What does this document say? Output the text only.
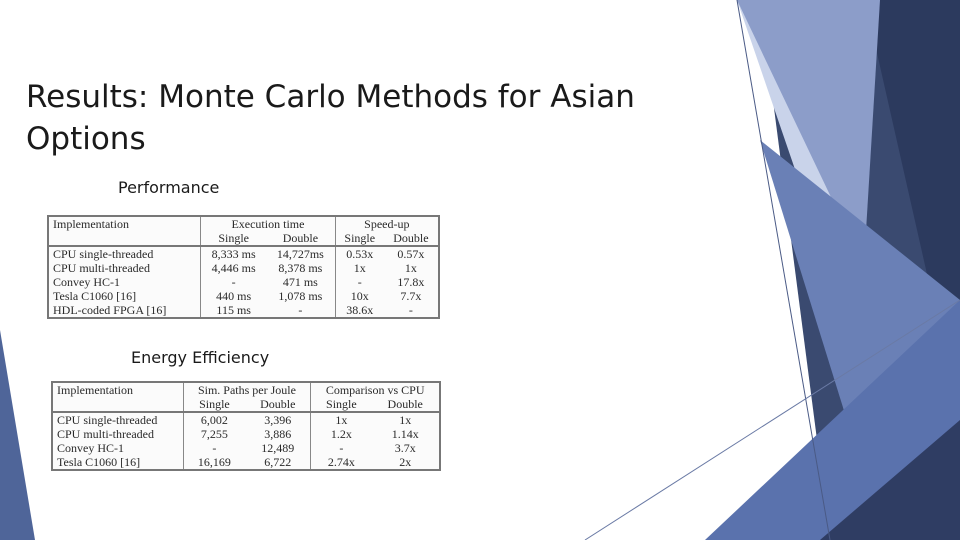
Results: Monte Carlo Methods for Asian Options
Performance
Implementation	Execution time		Speed-up	
	Single	Double	Single	Double
CPU single-threaded	8,333 ms	14,727ms	0.53x	0.57x
CPU multi-threaded	4,446 ms	8,378 ms	1x	1x
Convey HC-1	-	471 ms	-	17.8x
Tesla C1060 [16]	440 ms	1,078 ms	10x	7.7x
HDL-coded FPGA [16]	115 ms	-	38.6x	-
Energy Efficiency
Implementation	Sim. Paths per Joule		Comparison vs CPU	
	Single	Double	Single	Double
CPU single-threaded	6,002	3,396	1x	1x
CPU multi-threaded	7,255	3,886	1.2x	1.14x
Convey HC-1	-	12,489	-	3.7x
Tesla C1060 [16]	16,169	6,722	2.74x	2x
